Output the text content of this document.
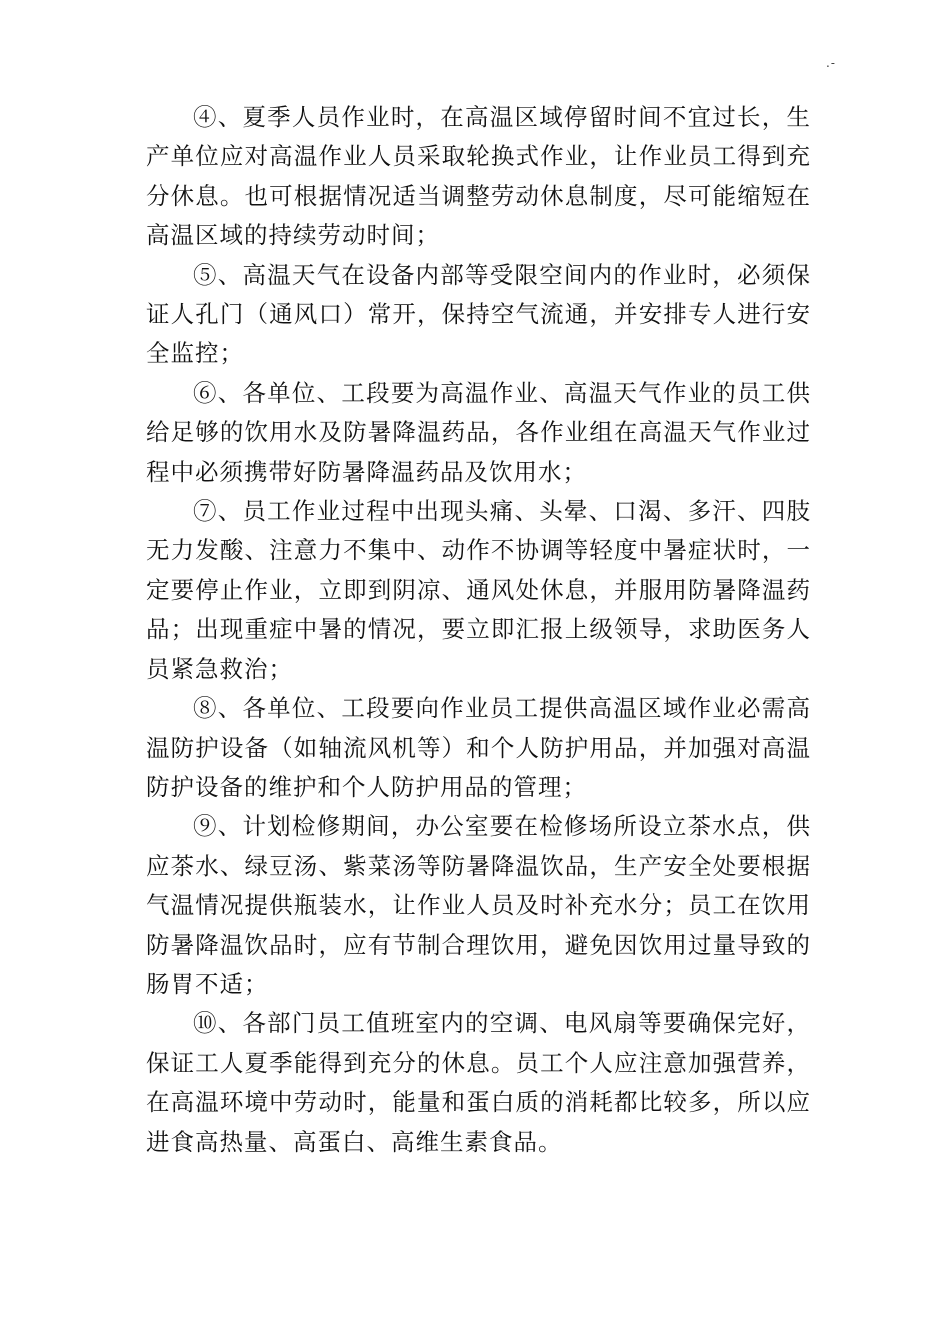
.-

④、夏季人员作业时，在高温区域停留时间不宜过长，生产单位应对高温作业人员采取轮换式作业，让作业员工得到充分休息。也可根据情况适当调整劳动休息制度，尽可能缩短在高温区域的持续劳动时间；

⑤、高温天气在设备内部等受限空间内的作业时，必须保证人孔门（通风口）常开，保持空气流通，并安排专人进行安全监控；

⑥、各单位、工段要为高温作业、高温天气作业的员工供给足够的饮用水及防暑降温药品，各作业组在高温天气作业过程中必须携带好防暑降温药品及饮用水；

⑦、员工作业过程中出现头痛、头晕、口渴、多汗、四肢无力发酸、注意力不集中、动作不协调等轻度中暑症状时，一定要停止作业，立即到阴凉、通风处休息，并服用防暑降温药品；出现重症中暑的情况，要立即汇报上级领导，求助医务人员紧急救治；

⑧、各单位、工段要向作业员工提供高温区域作业必需高温防护设备（如轴流风机等）和个人防护用品，并加强对高温防护设备的维护和个人防护用品的管理；

⑨、计划检修期间，办公室要在检修场所设立茶水点，供应茶水、绿豆汤、紫菜汤等防暑降温饮品，生产安全处要根据气温情况提供瓶装水，让作业人员及时补充水分；员工在饮用防暑降温饮品时，应有节制合理饮用，避免因饮用过量导致的肠胃不适；

⑩、各部门员工值班室内的空调、电风扇等要确保完好，保证工人夏季能得到充分的休息。员工个人应注意加强营养，在高温环境中劳动时，能量和蛋白质的消耗都比较多，所以应进食高热量、高蛋白、高维生素食品。
